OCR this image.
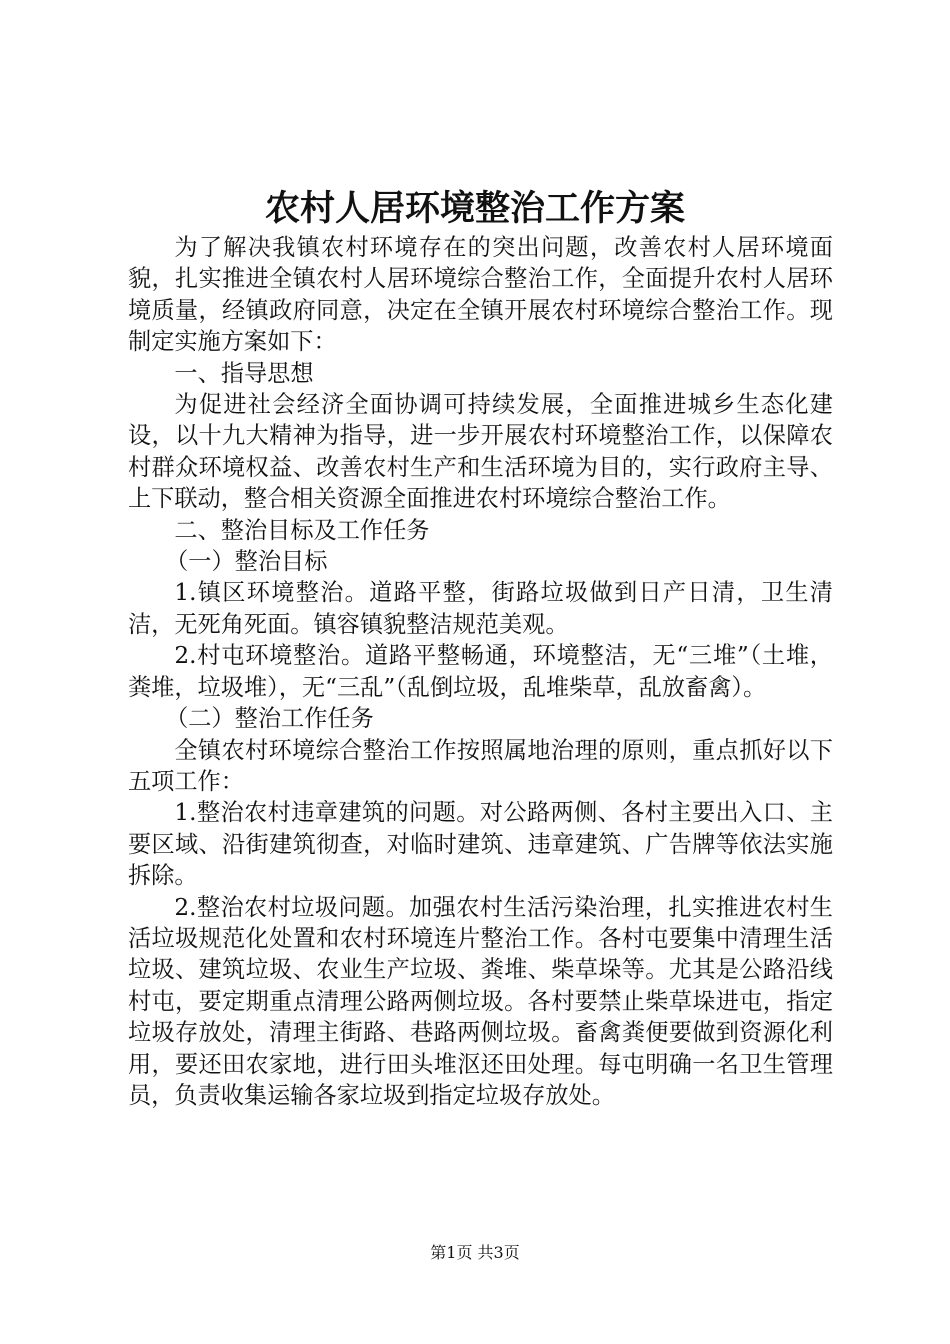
农村人居环境整治工作方案

为了解决我镇农村环境存在的突出问题，改善农村人居环境面貌，扎实推进全镇农村人居环境综合整治工作，全面提升农村人居环境质量，经镇政府同意，决定在全镇开展农村环境综合整治工作。现制定实施方案如下：

一、指导思想

为促进社会经济全面协调可持续发展，全面推进城乡生态化建设，以十九大精神为指导，进一步开展农村环境整治工作，以保障农村群众环境权益、改善农村生产和生活环境为目的，实行政府主导、上下联动，整合相关资源全面推进农村环境综合整治工作。

二、整治目标及工作任务

（一）整治目标

1.镇区环境整治。道路平整，街路垃圾做到日产日清，卫生清洁，无死角死面。镇容镇貌整洁规范美观。

2.村屯环境整治。道路平整畅通，环境整洁，无“三堆”（土堆，粪堆，垃圾堆），无“三乱”（乱倒垃圾，乱堆柴草，乱放畜禽）。

（二）整治工作任务

全镇农村环境综合整治工作按照属地治理的原则，重点抓好以下五项工作：

1.整治农村违章建筑的问题。对公路两侧、各村主要出入口、主要区域、沿街建筑彻查，对临时建筑、违章建筑、广告牌等依法实施拆除。

2.整治农村垃圾问题。加强农村生活污染治理，扎实推进农村生活垃圾规范化处置和农村环境连片整治工作。各村屯要集中清理生活垃圾、建筑垃圾、农业生产垃圾、粪堆、柴草垛等。尤其是公路沿线村屯，要定期重点清理公路两侧垃圾。各村要禁止柴草垛进屯，指定垃圾存放处，清理主街路、巷路两侧垃圾。畜禽粪便要做到资源化利用，要还田农家地，进行田头堆沤还田处理。每屯明确一名卫生管理员，负责收集运输各家垃圾到指定垃圾存放处。

第1页 共3页
